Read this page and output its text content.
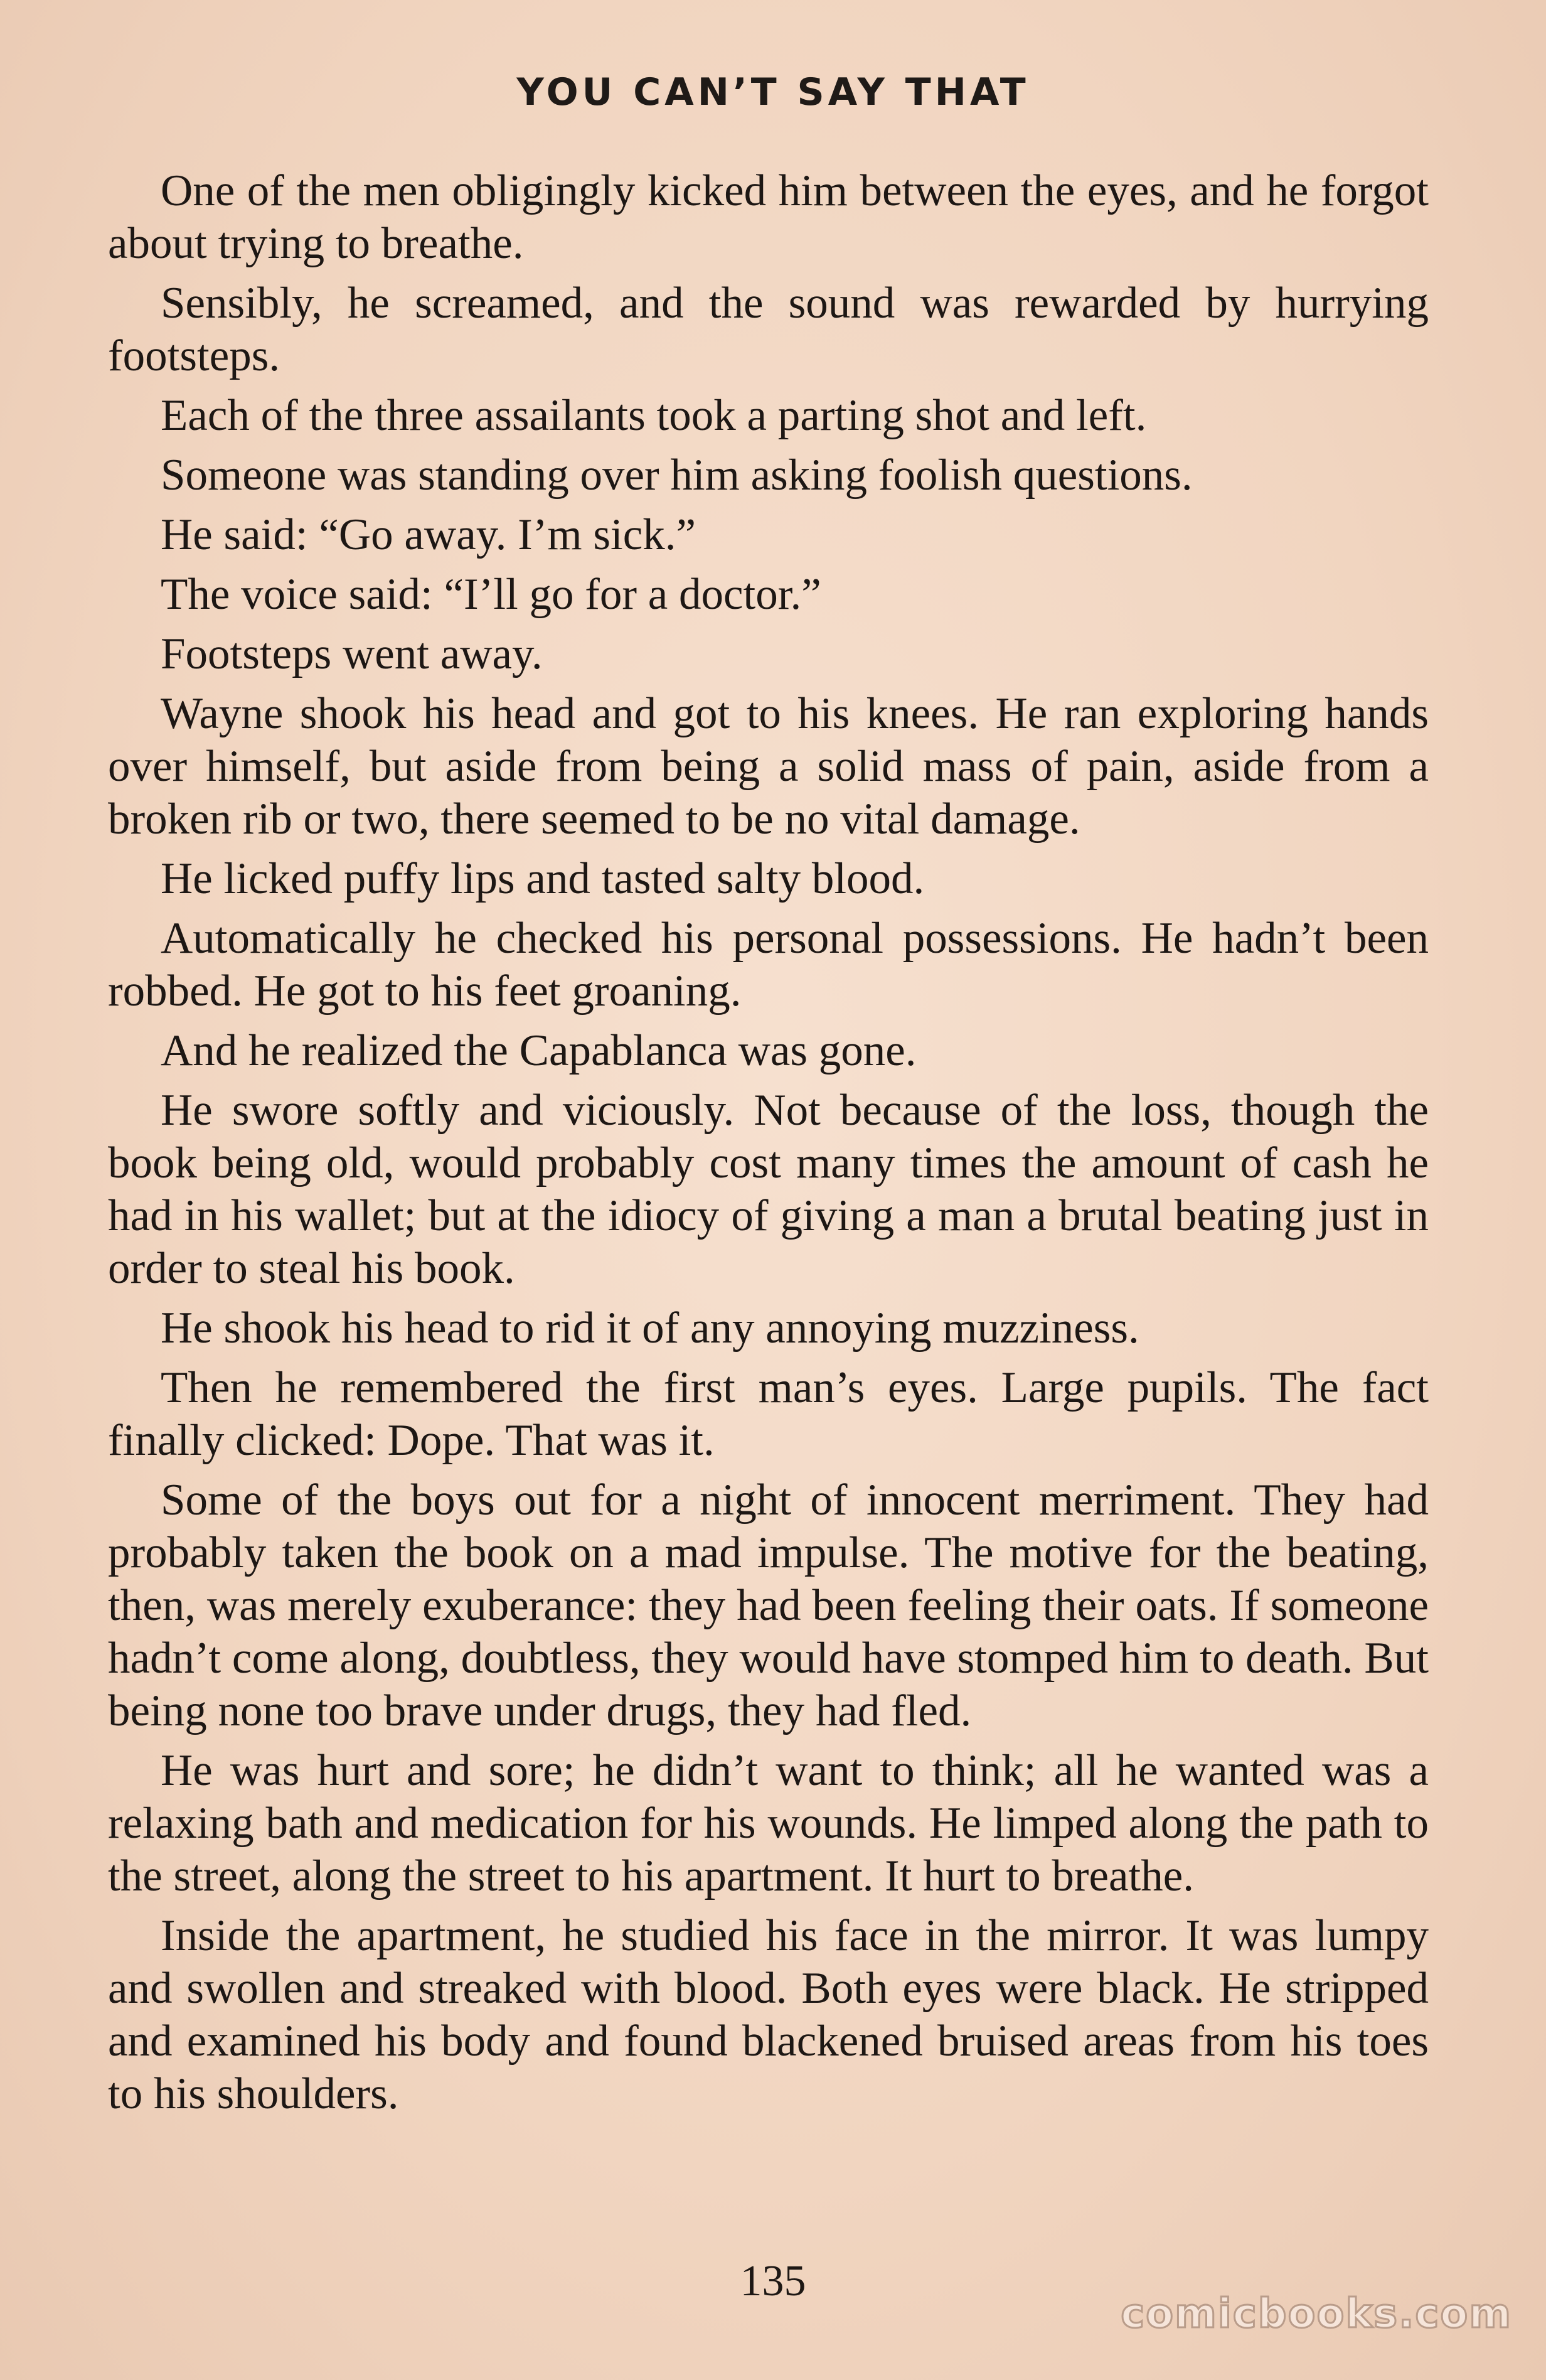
YOU CAN’T SAY THAT

One of the men obligingly kicked him between the eyes, and he forgot about trying to breathe.

Sensibly, he screamed, and the sound was rewarded by hurrying footsteps.

Each of the three assailants took a parting shot and left.

Someone was standing over him asking foolish questions.

He said: “Go away. I’m sick.”

The voice said: “I’ll go for a doctor.”

Footsteps went away.

Wayne shook his head and got to his knees. He ran exploring hands over himself, but aside from being a solid mass of pain, aside from a broken rib or two, there seemed to be no vital damage.

He licked puffy lips and tasted salty blood.

Automatically he checked his personal possessions. He hadn’t been robbed. He got to his feet groaning.

And he realized the Capablanca was gone.

He swore softly and viciously. Not because of the loss, though the book being old, would probably cost many times the amount of cash he had in his wallet; but at the idiocy of giving a man a brutal beating just in order to steal his book.

He shook his head to rid it of any annoying muzziness.

Then he remembered the first man’s eyes. Large pupils. The fact finally clicked: Dope. That was it.

Some of the boys out for a night of innocent merriment. They had probably taken the book on a mad impulse. The motive for the beating, then, was merely exuberance: they had been feeling their oats. If someone hadn’t come along, doubtless, they would have stomped him to death. But being none too brave under drugs, they had fled.

He was hurt and sore; he didn’t want to think; all he wanted was a relaxing bath and medication for his wounds. He limped along the path to the street, along the street to his apartment. It hurt to breathe.

Inside the apartment, he studied his face in the mirror. It was lumpy and swollen and streaked with blood. Both eyes were black. He stripped and examined his body and found blackened bruised areas from his toes to his shoulders.

135
comicbooks.com
